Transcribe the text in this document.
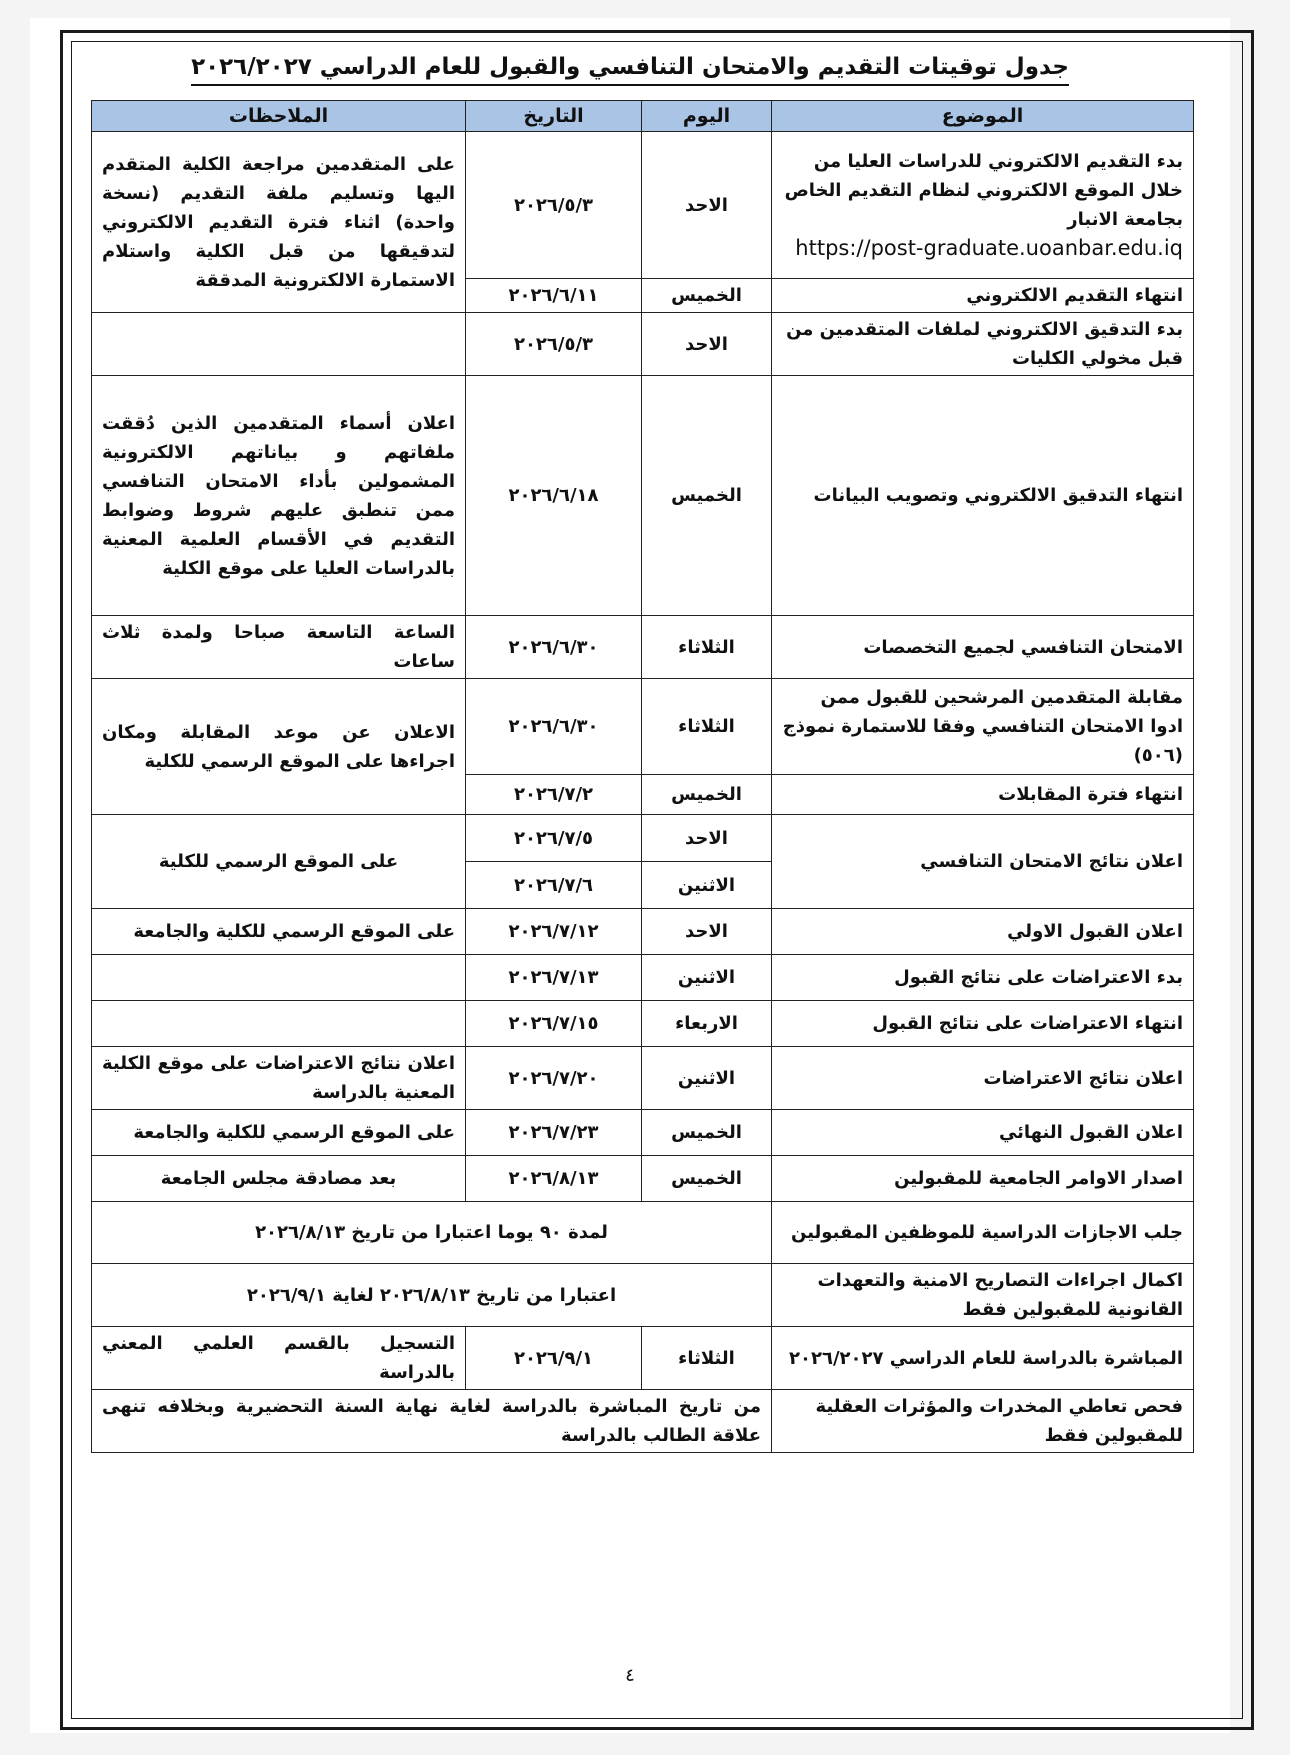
جدول توقيتات التقديم والامتحان التنافسي والقبول للعام الدراسي ٢٠٢٦/٢٠٢٧
الموضوع	اليوم	التاريخ	الملاحظات
بدء التقديم الالكتروني للدراسات العليا من خلال الموقع الالكتروني لنظام التقديم الخاص بجامعة الانبار
https://post-graduate.uoanbar.edu.iq	الاحد	٢٠٢٦/٥/٣	على المتقدمين مراجعة الكلية المتقدم اليها وتسليم ملفة التقديم (نسخة واحدة) اثناء فترة التقديم الالكتروني لتدقيقها من قبل الكلية واستلام الاستمارة الالكترونية المدققة
انتهاء التقديم الالكتروني	الخميس	٢٠٢٦/٦/١١	
بدء التدقيق الالكتروني لملفات المتقدمين من قبل مخولي الكليات	الاحد	٢٠٢٦/٥/٣	
انتهاء التدقيق الالكتروني وتصويب البيانات	الخميس	٢٠٢٦/٦/١٨	اعلان أسماء المتقدمين الذين دُققت ملفاتهم و بياناتهم الالكترونية المشمولين بأداء الامتحان التنافسي ممن تنطبق عليهم شروط وضوابط التقديم في الأقسام العلمية المعنية بالدراسات العليا على موقع الكلية
الامتحان التنافسي لجميع التخصصات	الثلاثاء	٢٠٢٦/٦/٣٠	الساعة التاسعة صباحا ولمدة ثلاث ساعات
مقابلة المتقدمين المرشحين للقبول ممن ادوا الامتحان التنافسي وفقا للاستمارة نموذج (٥٠٦)	الثلاثاء	٢٠٢٦/٦/٣٠	الاعلان عن موعد المقابلة ومكان اجراءها على الموقع الرسمي للكلية
انتهاء فترة المقابلات	الخميس	٢٠٢٦/٧/٢	
اعلان نتائج الامتحان التنافسي	الاحد	٢٠٢٦/٧/٥	على الموقع الرسمي للكلية
	الاثنين	٢٠٢٦/٧/٦	
اعلان القبول الاولي	الاحد	٢٠٢٦/٧/١٢	على الموقع الرسمي للكلية والجامعة
بدء الاعتراضات على نتائج القبول	الاثنين	٢٠٢٦/٧/١٣	
انتهاء الاعتراضات على نتائج القبول	الاربعاء	٢٠٢٦/٧/١٥	
اعلان نتائج الاعتراضات	الاثنين	٢٠٢٦/٧/٢٠	اعلان نتائج الاعتراضات على موقع الكلية المعنية بالدراسة
اعلان القبول النهائي	الخميس	٢٠٢٦/٧/٢٣	على الموقع الرسمي للكلية والجامعة
اصدار الاوامر الجامعية للمقبولين	الخميس	٢٠٢٦/٨/١٣	بعد مصادقة مجلس الجامعة
جلب الاجازات الدراسية للموظفين المقبولين	لمدة ٩٠ يوما اعتبارا من تاريخ ٢٠٢٦/٨/١٣		
اكمال اجراءات التصاريح الامنية والتعهدات القانونية للمقبولين فقط	اعتبارا من تاريخ ٢٠٢٦/٨/١٣ لغاية ٢٠٢٦/٩/١		
المباشرة بالدراسة للعام الدراسي ٢٠٢٦/٢٠٢٧	الثلاثاء	٢٠٢٦/٩/١	التسجيل بالقسم العلمي المعني بالدراسة
فحص تعاطي المخدرات والمؤثرات العقلية للمقبولين فقط	من تاريخ المباشرة بالدراسة لغاية نهاية السنة التحضيرية وبخلافه تنهى علاقة الطالب بالدراسة		
٤
